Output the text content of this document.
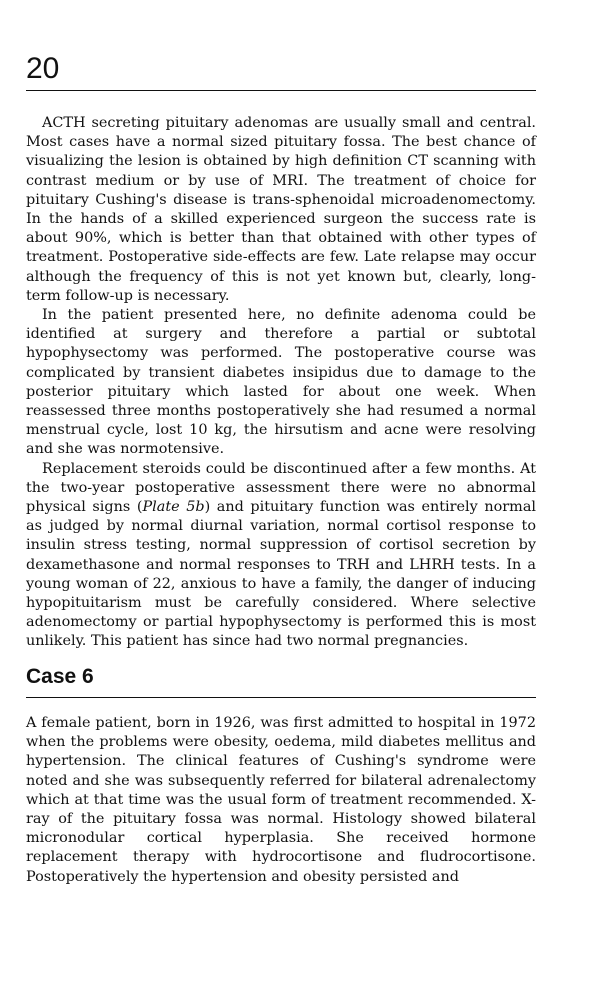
20

ACTH secreting pituitary adenomas are usually small and central. Most cases have a normal sized pituitary fossa. The best chance of visualizing the lesion is obtained by high definition CT scanning with contrast medium or by use of MRI. The treatment of choice for pituitary Cushing's disease is trans-sphenoidal microadenomectomy. In the hands of a skilled experienced surgeon the success rate is about 90%, which is better than that obtained with other types of treatment. Postoperative side-effects are few. Late relapse may occur although the frequency of this is not yet known but, clearly, long-term follow-up is necessary.

In the patient presented here, no definite adenoma could be identified at surgery and therefore a partial or subtotal hypophysectomy was performed. The postoperative course was complicated by transient diabetes insipidus due to damage to the posterior pituitary which lasted for about one week. When reassessed three months postoperatively she had resumed a normal menstrual cycle, lost 10 kg, the hirsutism and acne were resolving and she was normotensive.

Replacement steroids could be discontinued after a few months. At the two-year postoperative assessment there were no abnormal physical signs (Plate 5b) and pituitary function was entirely normal as judged by normal diurnal variation, normal cortisol response to insulin stress testing, normal suppression of cortisol secretion by dexamethasone and normal responses to TRH and LHRH tests. In a young woman of 22, anxious to have a family, the danger of inducing hypopituitarism must be carefully considered. Where selective adenomectomy or partial hypophysectomy is performed this is most unlikely. This patient has since had two normal pregnancies.

Case 6

A female patient, born in 1926, was first admitted to hospital in 1972 when the problems were obesity, oedema, mild diabetes mellitus and hypertension. The clinical features of Cushing's syndrome were noted and she was subsequently referred for bilateral adrenalectomy which at that time was the usual form of treatment recommended. X-ray of the pituitary fossa was normal. Histology showed bilateral micronodular cortical hyperplasia. She received hormone replacement therapy with hydrocortisone and fludrocortisone. Postoperatively the hypertension and obesity persisted and
